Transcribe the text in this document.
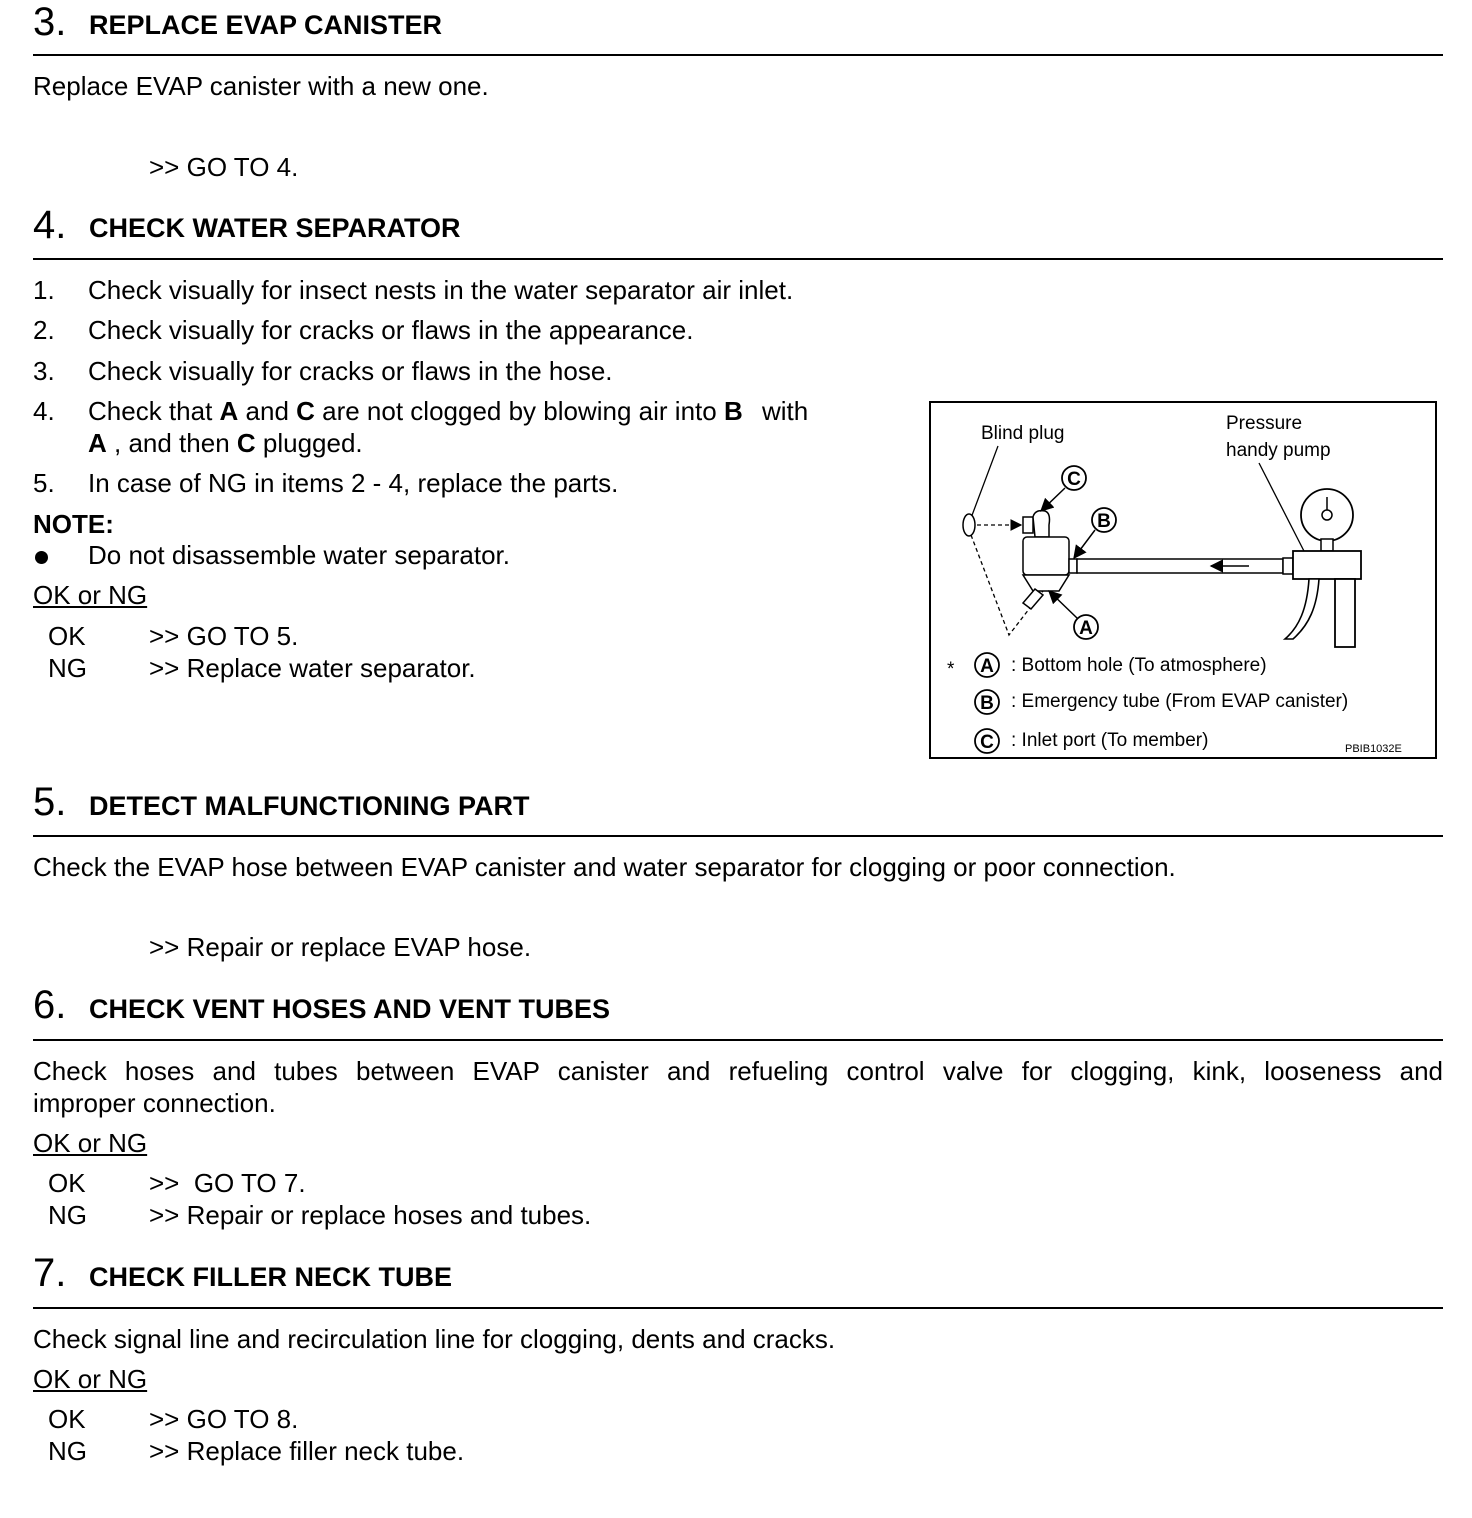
3. REPLACE EVAP CANISTER
Replace EVAP canister with a new one.
>> GO TO 4.
4. CHECK WATER SEPARATOR
1. Check visually for insect nests in the water separator air inlet.
2. Check visually for cracks or flaws in the appearance.
3. Check visually for cracks or flaws in the hose.
4. Check that A and C are not clogged by blowing air into B with
A , and then C plugged.
5. In case of NG in items 2 - 4, replace the parts.
NOTE:
Do not disassemble water separator.
OK or NG
OK >> GO TO 5.
NG >> Replace water separator.
Blind plug	Pressure
handy pump
C
B
A
* A : Bottom hole (To atmosphere)
B : Emergency tube (From EVAP canister)
C : Inlet port (To member)	PBIB1032E
5. DETECT MALFUNCTIONING PART
Check the EVAP hose between EVAP canister and water separator for clogging or poor connection.
>> Repair or replace EVAP hose.
6. CHECK VENT HOSES AND VENT TUBES
Check hoses and tubes between EVAP canister and refueling control valve for clogging, kink, looseness and
improper connection.
OK or NG
OK >>  GO TO 7.
NG >> Repair or replace hoses and tubes.
7. CHECK FILLER NECK TUBE
Check signal line and recirculation line for clogging, dents and cracks.
OK or NG
OK >> GO TO 8.
NG >> Replace filler neck tube.
